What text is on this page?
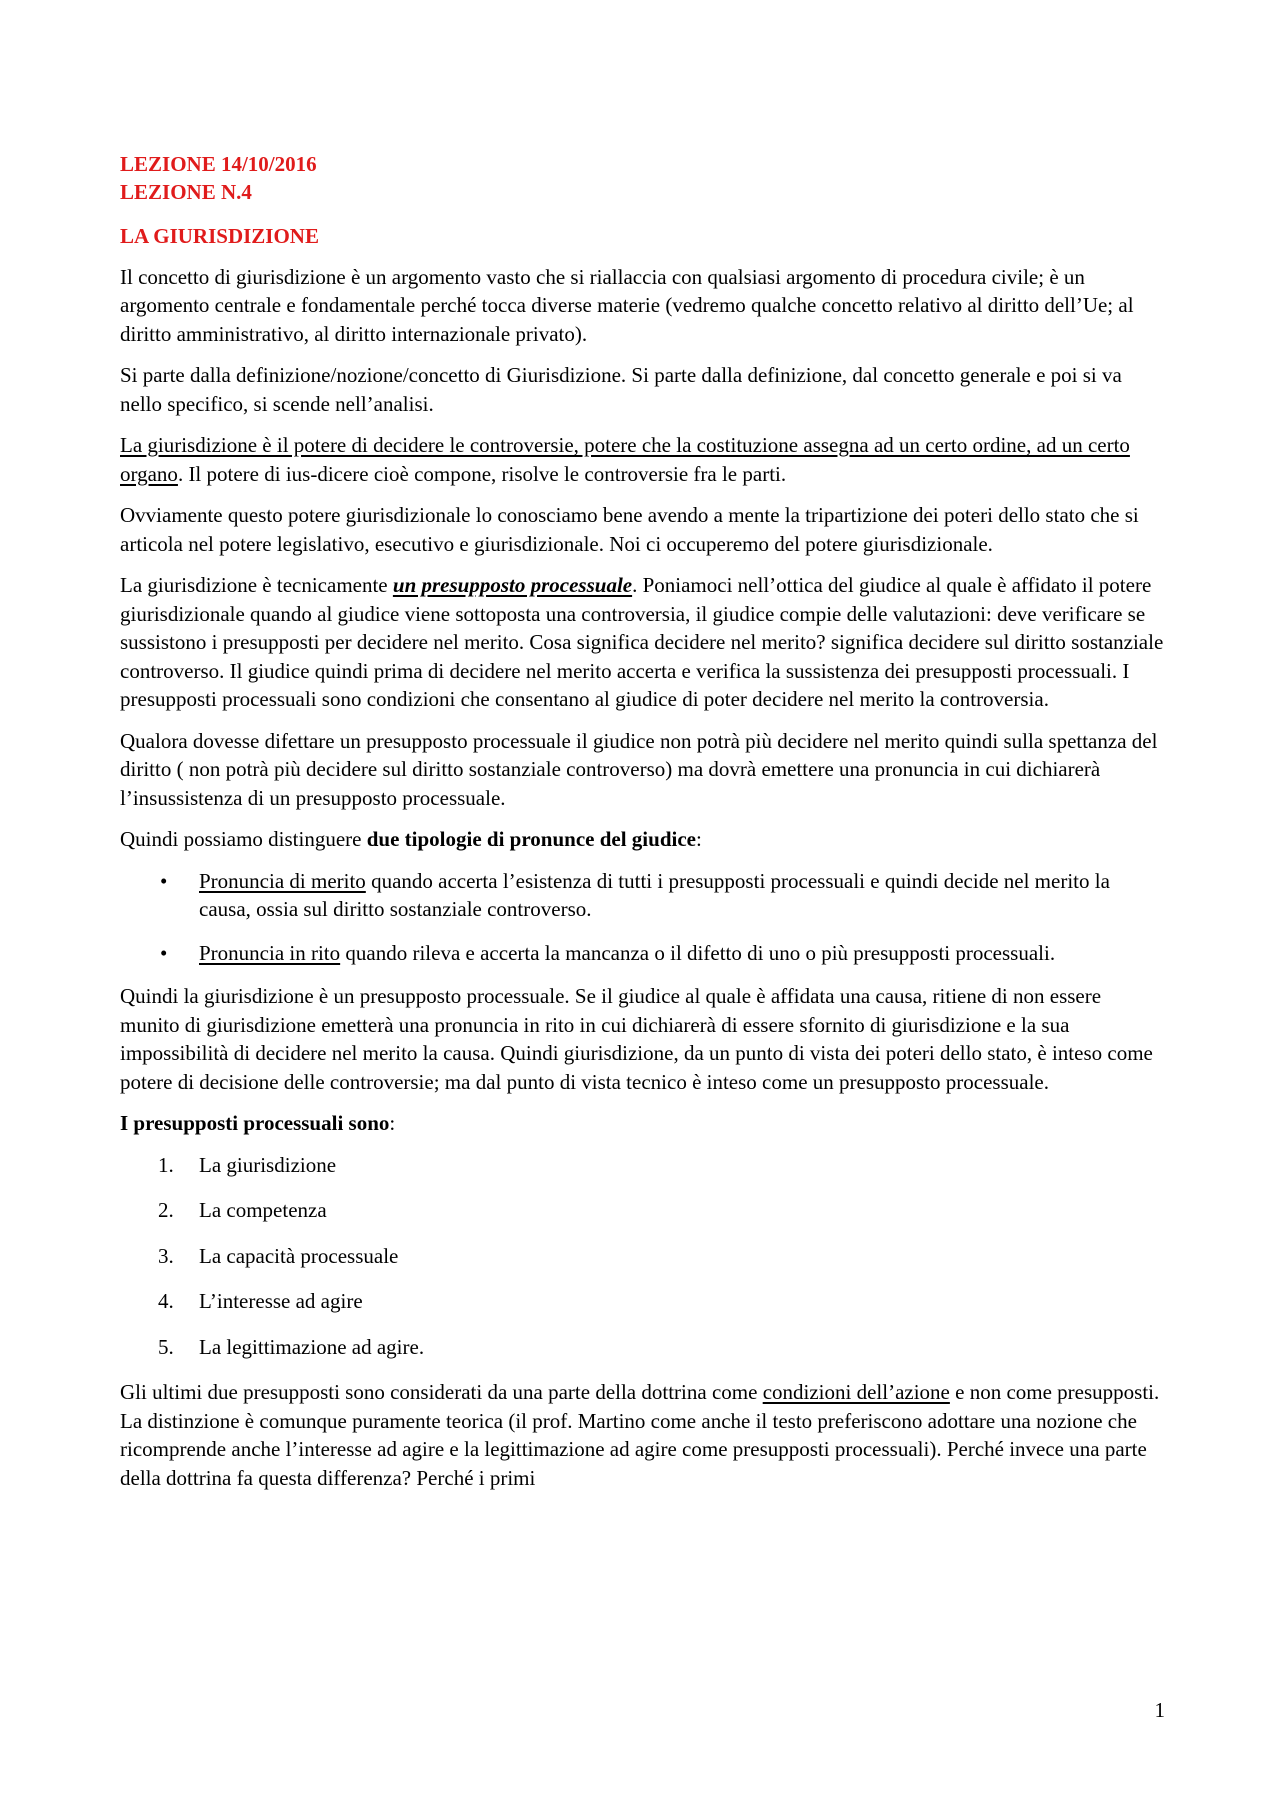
LEZIONE 14/10/2016
LEZIONE N.4
LA GIURISDIZIONE

Il concetto di giurisdizione è un argomento vasto che si riallaccia con qualsiasi argomento di procedura civile; è un argomento centrale e fondamentale perché tocca diverse materie (vedremo qualche concetto relativo al diritto dell’Ue; al diritto amministrativo, al diritto internazionale privato).

Si parte dalla definizione/nozione/concetto di Giurisdizione. Si parte dalla definizione, dal concetto generale e poi si va nello specifico, si scende nell’analisi.

La giurisdizione è il potere di decidere le controversie, potere che la costituzione assegna ad un certo ordine, ad un certo organo. Il potere di ius-dicere cioè compone, risolve le controversie fra le parti.

Ovviamente questo potere giurisdizionale lo conosciamo bene avendo a mente la tripartizione dei poteri dello stato che si articola nel potere legislativo, esecutivo e giurisdizionale. Noi ci occuperemo del potere giurisdizionale.

La giurisdizione è tecnicamente un presupposto processuale. Poniamoci nell’ottica del giudice al quale è affidato il potere giurisdizionale quando al giudice viene sottoposta una controversia, il giudice compie delle valutazioni: deve verificare se sussistono i presupposti per decidere nel merito. Cosa significa decidere nel merito? significa decidere sul diritto sostanziale controverso. Il giudice quindi prima di decidere nel merito accerta e verifica la sussistenza dei presupposti processuali. I presupposti processuali sono condizioni che consentano al giudice di poter decidere nel merito la controversia.

Qualora dovesse difettare un presupposto processuale il giudice non potrà più decidere nel merito quindi sulla spettanza del diritto ( non potrà più decidere sul diritto sostanziale controverso) ma dovrà emettere una pronuncia in cui dichiarerà l’insussistenza di un presupposto processuale.

Quindi possiamo distinguere due tipologie di pronunce del giudice:

• Pronuncia di merito quando accerta l’esistenza di tutti i presupposti processuali e quindi decide nel merito la causa, ossia sul diritto sostanziale controverso.
• Pronuncia in rito quando rileva e accerta la mancanza o il difetto di uno o più presupposti processuali.

Quindi la giurisdizione è un presupposto processuale. Se il giudice al quale è affidata una causa, ritiene di non essere munito di giurisdizione emetterà una pronuncia in rito in cui dichiarerà di essere sfornito di giurisdizione e la sua impossibilità di decidere nel merito la causa. Quindi giurisdizione, da un punto di vista dei poteri dello stato, è inteso come potere di decisione delle controversie; ma dal punto di vista tecnico è inteso come un presupposto processuale.

I presupposti processuali sono:

1. La giurisdizione
2. La competenza
3. La capacità processuale
4. L’interesse ad agire
5. La legittimazione ad agire.

Gli ultimi due presupposti sono considerati da una parte della dottrina come condizioni dell’azione e non come presupposti. La distinzione è comunque puramente teorica (il prof. Martino come anche il testo preferiscono adottare una nozione che ricomprende anche l’interesse ad agire e la legittimazione ad agire come presupposti processuali). Perché invece una parte della dottrina fa questa differenza? Perché i primi

1
